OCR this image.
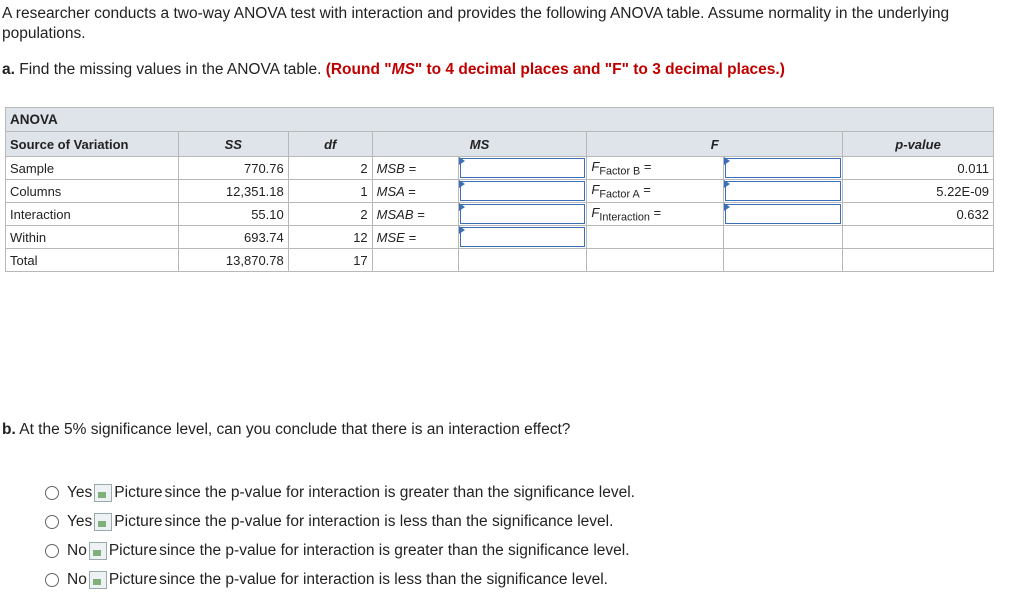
A researcher conducts a two-way ANOVA test with interaction and provides the following ANOVA table. Assume normality in the underlying populations.
a. Find the missing values in the ANOVA table. (Round "MS" to 4 decimal places and "F" to 3 decimal places.)
ANOVA							
Source of Variation	SS	df	MS		F		p-value
Sample	770.76	2	MSB =		$F_{Factor B}$ =		0.011
Columns	12,351.18	1	MSA =		$F_{Factor A}$ =		5.22E-09
Interaction	55.10	2	MSAB =		$F_{Interaction}$ =		0.632
Within	693.74	12	MSE =	

Total	13,870.78	17					
b. At the 5% significance level, can you conclude that there is an interaction effect?
Yes Picture since the p-value for interaction is greater than the significance level.
Yes Picture since the p-value for interaction is less than the significance level.
No Picture since the p-value for interaction is greater than the significance level.
No Picture since the p-value for interaction is less than the significance level.
